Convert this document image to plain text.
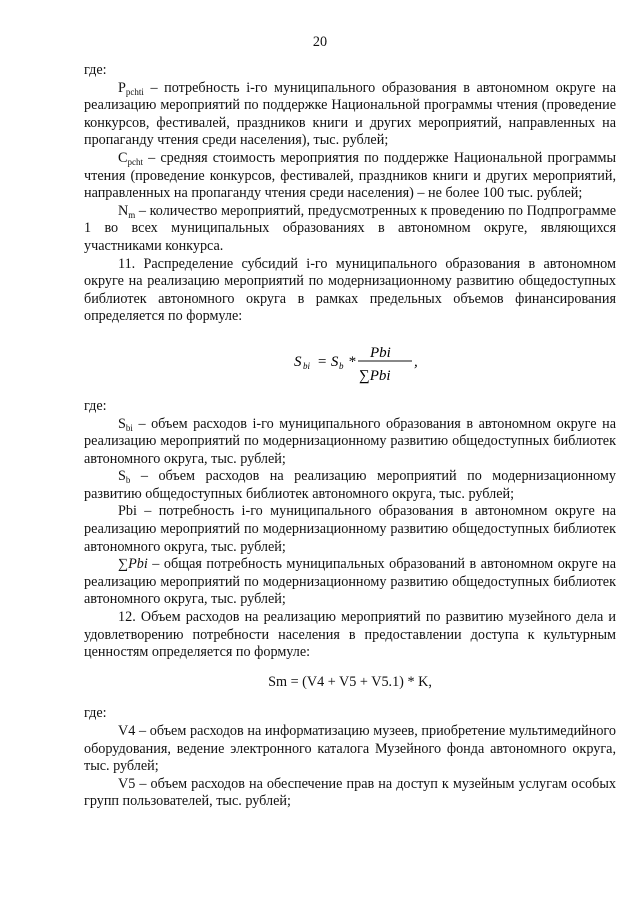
20

где:

$P_{pchti}$ – потребность i-го муниципального образования в автономном округе на реализацию мероприятий по поддержке Национальной программы чтения (проведение конкурсов, фестивалей, праздников книги и других мероприятий, направленных на пропаганду чтения среди населения), тыс. рублей;

$C_{pcht}$ – средняя стоимость мероприятия по поддержке Национальной программы чтения (проведение конкурсов, фестивалей, праздников книги и других мероприятий, направленных на пропаганду чтения среди населения) – не более 100 тыс. рублей;

$N_m$ – количество мероприятий, предусмотренных к проведению по Подпрограмме 1 во всех муниципальных образованиях в автономном округе, являющихся участниками конкурса.

11. Распределение субсидий i-го муниципального образования в автономном округе на реализацию мероприятий по модернизационному развитию общедоступных библиотек автономного округа в рамках предельных объемов финансирования определяется по формуле:

S bi = S b *
Pbi
∑Pbi
,

где:

$S_{bi}$ – объем расходов i-го муниципального образования в автономном округе на реализацию мероприятий по модернизационному развитию общедоступных библиотек автономного округа, тыс. рублей;

$S_b$ – объем расходов на реализацию мероприятий по модернизационному развитию общедоступных библиотек автономного округа, тыс. рублей;

Pbi – потребность i-го муниципального образования в автономном округе на реализацию мероприятий по модернизационному развитию общедоступных библиотек автономного округа, тыс. рублей;

∑Pbi – общая потребность муниципальных образований в автономном округе на реализацию мероприятий по модернизационному развитию общедоступных библиотек автономного округа, тыс. рублей;

12. Объем расходов на реализацию мероприятий по развитию музейного дела и удовлетворению потребности населения в предоставлении доступа к культурным ценностям определяется по формуле:

Sm = (V4 + V5 + V5.1) * K,

где:

V4 – объем расходов на информатизацию музеев, приобретение мультимедийного оборудования, ведение электронного каталога Музейного фонда автономного округа, тыс. рублей;

V5 – объем расходов на обеспечение прав на доступ к музейным услугам особых групп пользователей, тыс. рублей;
